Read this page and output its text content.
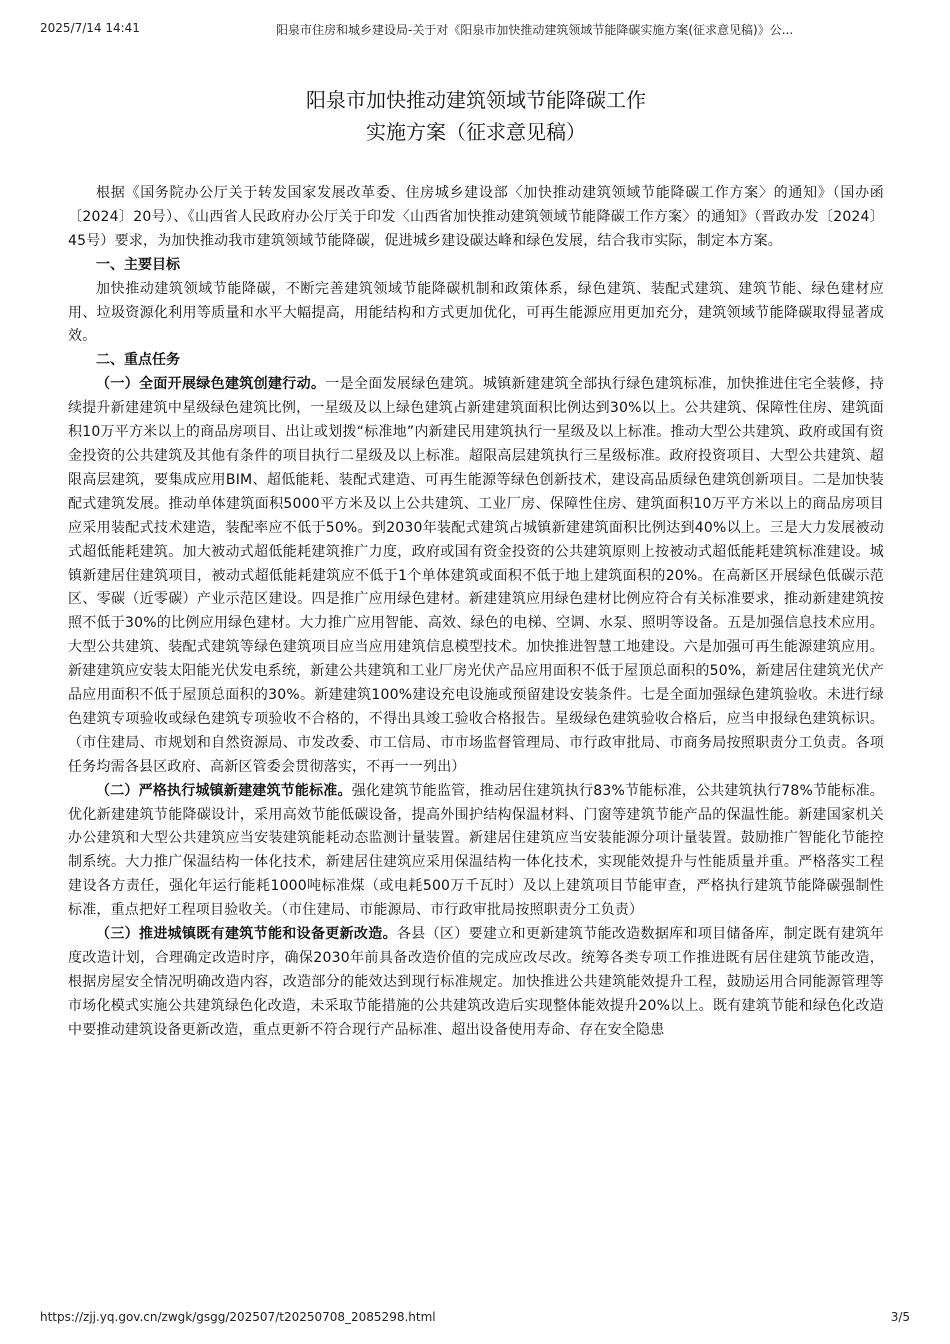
2025/7/14 14:41	阳泉市住房和城乡建设局-关于对《阳泉市加快推动建筑领域节能降碳实施方案(征求意见稿)》公...
阳泉市加快推动建筑领域节能降碳工作
实施方案（征求意见稿）

根据《国务院办公厅关于转发国家发展改革委、住房城乡建设部〈加快推动建筑领域节能降碳工作方案〉的通知》（国办函〔2024〕20号）、《山西省人民政府办公厅关于印发〈山西省加快推动建筑领域节能降碳工作方案〉的通知》（晋政办发〔2024〕45号）要求，为加快推动我市建筑领域节能降碳，促进城乡建设碳达峰和绿色发展，结合我市实际，制定本方案。

一、主要目标

加快推动建筑领域节能降碳，不断完善建筑领域节能降碳机制和政策体系，绿色建筑、装配式建筑、建筑节能、绿色建材应用、垃圾资源化利用等质量和水平大幅提高，用能结构和方式更加优化，可再生能源应用更加充分，建筑领域节能降碳取得显著成效。

二、重点任务

（一）全面开展绿色建筑创建行动。一是全面发展绿色建筑。城镇新建建筑全部执行绿色建筑标准，加快推进住宅全装修，持续提升新建建筑中星级绿色建筑比例，一星级及以上绿色建筑占新建建筑面积比例达到30%以上。公共建筑、保障性住房、建筑面积10万平方米以上的商品房项目、出让或划拨“标准地”内新建民用建筑执行一星级及以上标准。推动大型公共建筑、政府或国有资金投资的公共建筑及其他有条件的项目执行二星级及以上标准。超限高层建筑执行三星级标准。政府投资项目、大型公共建筑、超限高层建筑，要集成应用BIM、超低能耗、装配式建造、可再生能源等绿色创新技术，建设高品质绿色建筑创新项目。二是加快装配式建筑发展。推动单体建筑面积5000平方米及以上公共建筑、工业厂房、保障性住房、建筑面积10万平方米以上的商品房项目应采用装配式技术建造，装配率应不低于50%。到2030年装配式建筑占城镇新建建筑面积比例达到40%以上。三是大力发展被动式超低能耗建筑。加大被动式超低能耗建筑推广力度，政府或国有资金投资的公共建筑原则上按被动式超低能耗建筑标准建设。城镇新建居住建筑项目，被动式超低能耗建筑应不低于1个单体建筑或面积不低于地上建筑面积的20%。在高新区开展绿色低碳示范区、零碳（近零碳）产业示范区建设。四是推广应用绿色建材。新建建筑应用绿色建材比例应符合有关标准要求，推动新建建筑按照不低于30%的比例应用绿色建材。大力推广应用智能、高效、绿色的电梯、空调、水泵、照明等设备。五是加强信息技术应用。大型公共建筑、装配式建筑等绿色建筑项目应当应用建筑信息模型技术。加快推进智慧工地建设。六是加强可再生能源建筑应用。新建建筑应安装太阳能光伏发电系统，新建公共建筑和工业厂房光伏产品应用面积不低于屋顶总面积的50%，新建居住建筑光伏产品应用面积不低于屋顶总面积的30%。新建建筑100%建设充电设施或预留建设安装条件。七是全面加强绿色建筑验收。未进行绿色建筑专项验收或绿色建筑专项验收不合格的，不得出具竣工验收合格报告。星级绿色建筑验收合格后，应当申报绿色建筑标识。（市住建局、市规划和自然资源局、市发改委、市工信局、市市场监督管理局、市行政审批局、市商务局按照职责分工负责。各项任务均需各县区政府、高新区管委会贯彻落实，不再一一列出）

（二）严格执行城镇新建建筑节能标准。强化建筑节能监管，推动居住建筑执行83%节能标准，公共建筑执行78%节能标准。优化新建建筑节能降碳设计，采用高效节能低碳设备，提高外围护结构保温材料、门窗等建筑节能产品的保温性能。新建国家机关办公建筑和大型公共建筑应当安装建筑能耗动态监测计量装置。新建居住建筑应当安装能源分项计量装置。鼓励推广智能化节能控制系统。大力推广保温结构一体化技术，新建居住建筑应采用保温结构一体化技术，实现能效提升与性能质量并重。严格落实工程建设各方责任，强化年运行能耗1000吨标准煤（或电耗500万千瓦时）及以上建筑项目节能审查，严格执行建筑节能降碳强制性标准，重点把好工程项目验收关。（市住建局、市能源局、市行政审批局按照职责分工负责）

（三）推进城镇既有建筑节能和设备更新改造。各县（区）要建立和更新建筑节能改造数据库和项目储备库，制定既有建筑年度改造计划，合理确定改造时序，确保2030年前具备改造价值的完成应改尽改。统筹各类专项工作推进既有居住建筑节能改造，根据房屋安全情况明确改造内容，改造部分的能效达到现行标准规定。加快推进公共建筑能效提升工程，鼓励运用合同能源管理等市场化模式实施公共建筑绿色化改造，未采取节能措施的公共建筑改造后实现整体能效提升20%以上。既有建筑节能和绿色化改造中要推动建筑设备更新改造，重点更新不符合现行产品标准、超出设备使用寿命、存在安全隐患

https://zjj.yq.gov.cn/zwgk/gsgg/202507/t20250708_2085298.html	3/5
